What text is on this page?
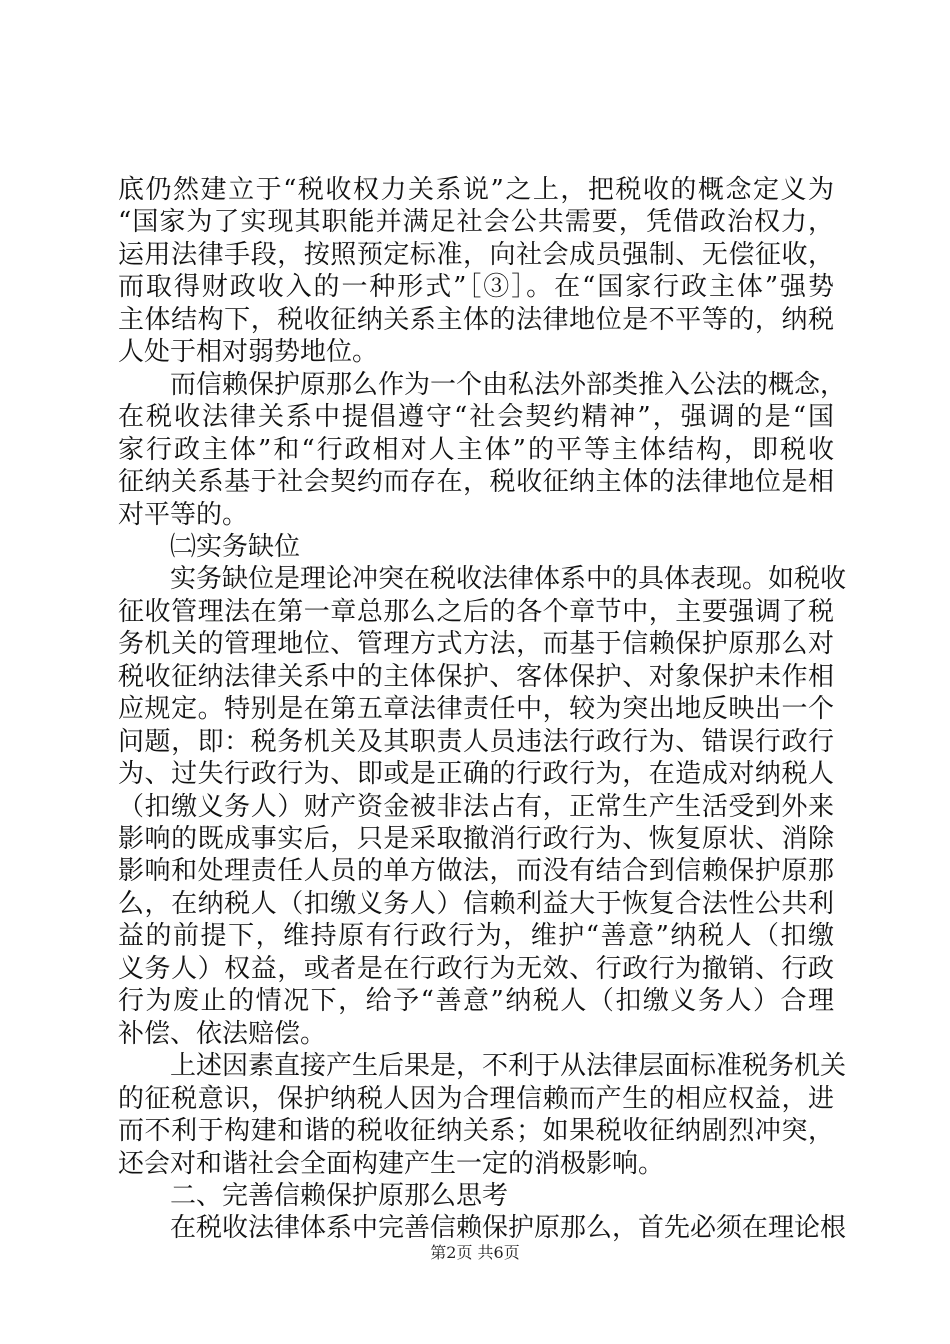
底仍然建立于“税收权力关系说”之上，把税收的概念定义为
“国家为了实现其职能并满足社会公共需要，凭借政治权力，
运用法律手段，按照预定标准，向社会成员强制、无偿征收，
而取得财政收入的一种形式”［③］。在“国家行政主体”强势
主体结构下，税收征纳关系主体的法律地位是不平等的，纳税
人处于相对弱势地位。
　　而信赖保护原那么作为一个由私法外部类推入公法的概念，
在税收法律关系中提倡遵守“社会契约精神”，强调的是“国
家行政主体”和“行政相对人主体”的平等主体结构，即税收
征纳关系基于社会契约而存在，税收征纳主体的法律地位是相
对平等的。
　　㈡实务缺位
　　实务缺位是理论冲突在税收法律体系中的具体表现。如税收
征收管理法在第一章总那么之后的各个章节中，主要强调了税
务机关的管理地位、管理方式方法，而基于信赖保护原那么对
税收征纳法律关系中的主体保护、客体保护、对象保护未作相
应规定。特别是在第五章法律责任中，较为突出地反映出一个
问题，即：税务机关及其职责人员违法行政行为、错误行政行
为、过失行政行为、即或是正确的行政行为，在造成对纳税人
（扣缴义务人）财产资金被非法占有，正常生产生活受到外来
影响的既成事实后，只是采取撤消行政行为、恢复原状、消除
影响和处理责任人员的单方做法，而没有结合到信赖保护原那
么，在纳税人（扣缴义务人）信赖利益大于恢复合法性公共利
益的前提下，维持原有行政行为，维护“善意”纳税人（扣缴
义务人）权益，或者是在行政行为无效、行政行为撤销、行政
行为废止的情况下，给予“善意”纳税人（扣缴义务人）合理
补偿、依法赔偿。
　　上述因素直接产生后果是，不利于从法律层面标准税务机关
的征税意识，保护纳税人因为合理信赖而产生的相应权益，进
而不利于构建和谐的税收征纳关系；如果税收征纳剧烈冲突，
还会对和谐社会全面构建产生一定的消极影响。
　　二、完善信赖保护原那么思考
　　在税收法律体系中完善信赖保护原那么，首先必须在理论根
第2页 共6页
